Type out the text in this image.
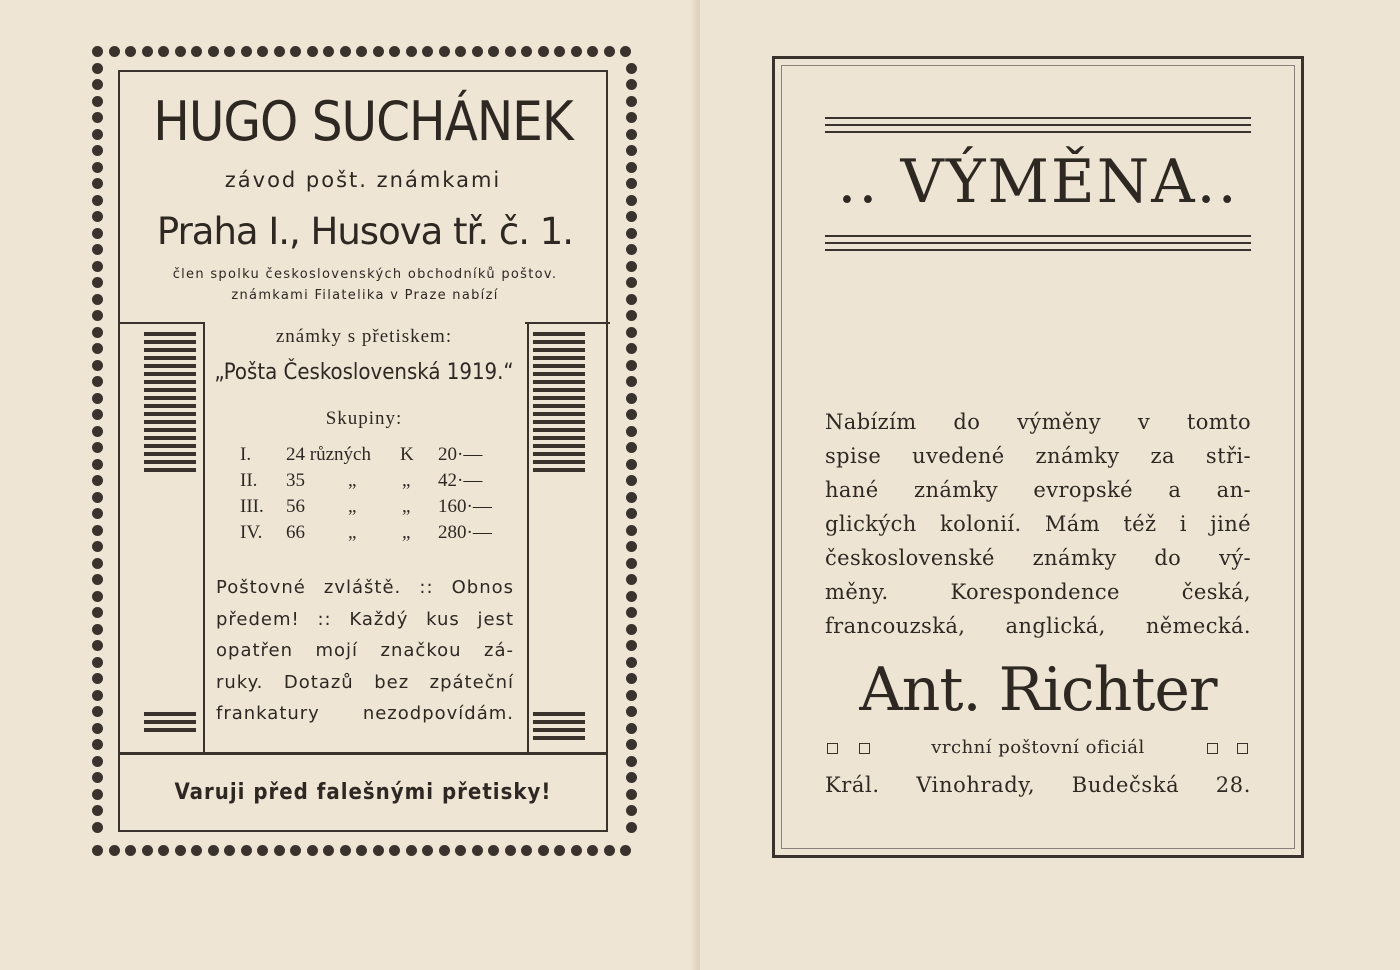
HUGO SUCHÁNEK
závod pošt. známkami
Praha I., Husova tř. č. 1.
člen spolku československých obchodníků poštov.
známkami Filatelika v Praze nabízí
známky s přetiskem:
„Pošta Československá 1919.“
Skupiny:
I. 24 různých K 20·—
II. 35 „ „ 42·—
III. 56 „ „ 160·—
IV. 66 „ „ 280·—
Poštovné zvláště. :: Obnos
předem! :: Každý kus jest
opatřen mojí značkou zá-
ruky. Dotazů bez zpáteční
frankatury nezodpovídám.
Varuji před falešnými přetisky!
.. VÝMĚNA..
Nabízím do výměny v tomto
spise uvedené známky za stři-
hané známky evropské a an-
glických kolonií. Mám též i jiné
československé známky do vý-
měny. Korespondence česká,
francouzská, anglická, německá.
Ant. Richter
vrchní poštovní oficiál
Král. Vinohrady, Budečská 28.
